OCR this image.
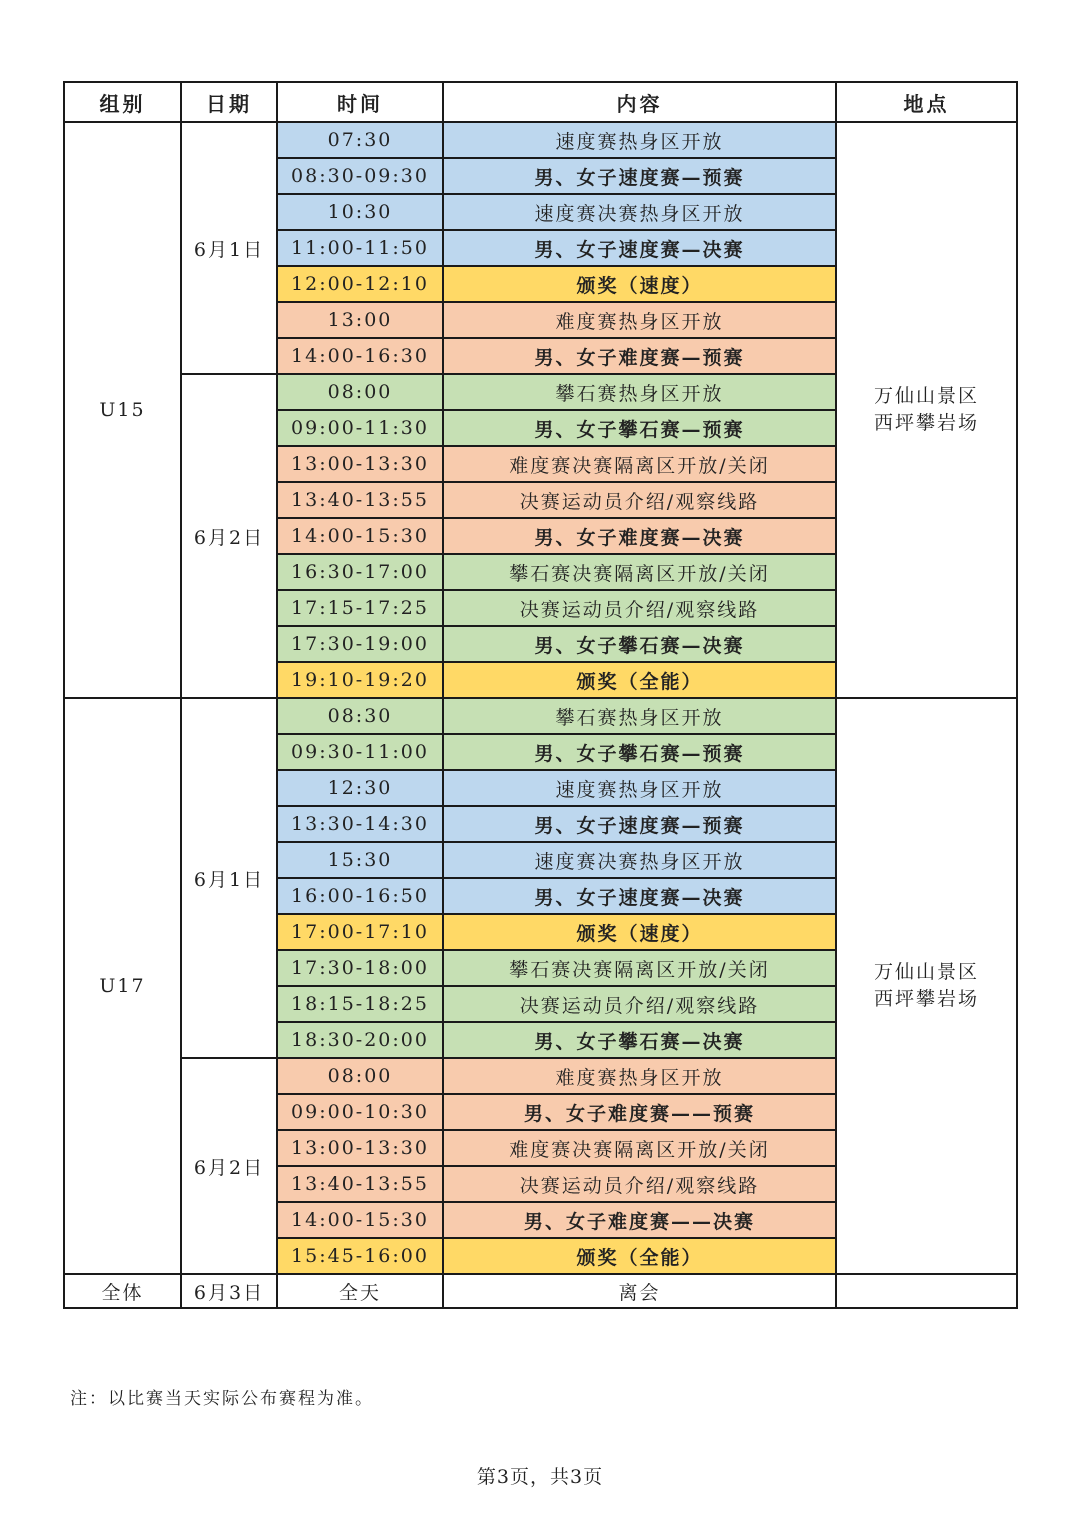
组别	日期	时间	内容	地点
U15	6月1日	07:30	速度赛热身区开放	万仙山景区
西坪攀岩场

		08:30-09:30	男、女子速度赛—预赛	
		10:30	速度赛决赛热身区开放	
		11:00-11:50	男、女子速度赛—决赛	
		12:00-12:10	颁奖（速度）	
		13:00	难度赛热身区开放	
		14:00-16:30	男、女子难度赛—预赛	
	6月2日	08:00	攀石赛热身区开放	
		09:00-11:30	男、女子攀石赛—预赛	
		13:00-13:30	难度赛决赛隔离区开放/关闭	
		13:40-13:55	决赛运动员介绍/观察线路	
		14:00-15:30	男、女子难度赛—决赛	
		16:30-17:00	攀石赛决赛隔离区开放/关闭	
		17:15-17:25	决赛运动员介绍/观察线路	
		17:30-19:00	男、女子攀石赛—决赛	
		19:10-19:20	颁奖（全能）	
U17	6月1日	08:30	攀石赛热身区开放	万仙山景区
西坪攀岩场

		09:30-11:00	男、女子攀石赛—预赛	
		12:30	速度赛热身区开放	
		13:30-14:30	男、女子速度赛—预赛	
		15:30	速度赛决赛热身区开放	
		16:00-16:50	男、女子速度赛—决赛	
		17:00-17:10	颁奖（速度）	
		17:30-18:00	攀石赛决赛隔离区开放/关闭	
		18:15-18:25	决赛运动员介绍/观察线路	
		18:30-20:00	男、女子攀石赛—决赛	
	6月2日	08:00	难度赛热身区开放	
		09:00-10:30	男、女子难度赛——预赛	
		13:00-13:30	难度赛决赛隔离区开放/关闭	
		13:40-13:55	决赛运动员介绍/观察线路	
		14:00-15:30	男、女子难度赛——决赛	
		15:45-16:00	颁奖（全能）	
全体	6月3日	全天	离会	
注：以比赛当天实际公布赛程为准。
第3页，共3页
